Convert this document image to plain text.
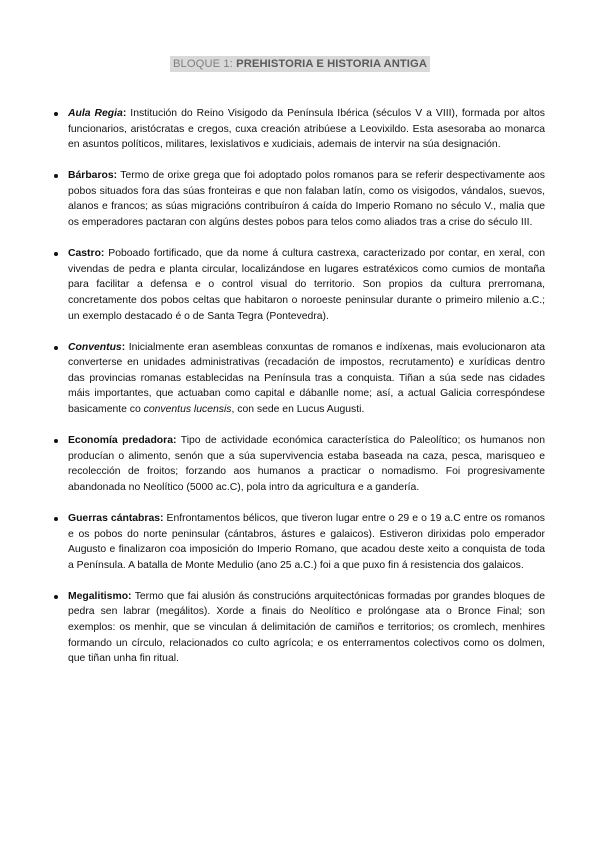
BLOQUE 1: PREHISTORIA E HISTORIA ANTIGA
Aula Regia: Institución do Reino Visigodo da Península Ibérica (séculos V a VIII), formada por altos funcionarios, aristócratas e cregos, cuxa creación atribúese a Leovixildo. Esta asesoraba ao monarca en asuntos políticos, militares, lexislativos e xudiciais, ademais de intervir na súa designación.
Bárbaros: Termo de orixe grega que foi adoptado polos romanos para se referir despectivamente aos pobos situados fora das súas fronteiras e que non falaban latín, como os visigodos, vándalos, suevos, alanos e francos; as súas migracións contribuíron á caída do Imperio Romano no século V., malia que os emperadores pactaran con algúns destes pobos para telos como aliados tras a crise do século III.
Castro: Poboado fortificado, que da nome á cultura castrexa, caracterizado por contar, en xeral, con vivendas de pedra e planta circular, localizándose en lugares estratéxicos como cumios de montaña para facilitar a defensa e o control visual do territorio. Son propios da cultura prerromana, concretamente dos pobos celtas que habitaron o noroeste peninsular durante o primeiro milenio a.C.; un exemplo destacado é o de Santa Tegra (Pontevedra).
Conventus: Inicialmente eran asembleas conxuntas de romanos e indíxenas, mais evolucionaron ata converterse en unidades administrativas (recadación de impostos, recrutamento) e xurídicas dentro das provincias romanas establecidas na Península tras a conquista. Tiñan a súa sede nas cidades máis importantes, que actuaban como capital e dábanlle nome; así, a actual Galicia correspóndese basicamente co conventus lucensis, con sede en Lucus Augusti.
Economía predadora: Tipo de actividade económica característica do Paleolítico; os humanos non producían o alimento, senón que a súa supervivencia estaba baseada na caza, pesca, marisqueo e recolección de froitos; forzando aos humanos a practicar o nomadismo. Foi progresivamente abandonada no Neolítico (5000 ac.C), pola intro da agricultura e a gandería.
Guerras cántabras: Enfrontamentos bélicos, que tiveron lugar entre o 29 e o 19 a.C entre os romanos e os pobos do norte peninsular (cántabros, ástures e galaicos). Estiveron dirixidas polo emperador Augusto e finalizaron coa imposición do Imperio Romano, que acadou deste xeito a conquista de toda a Península. A batalla de Monte Medulio (ano 25 a.C.) foi a que puxo fin á resistencia dos galaicos.
Megalitismo: Termo que fai alusión ás construcións arquitectónicas formadas por grandes bloques de pedra sen labrar (megálitos). Xorde a finais do Neolítico e prolóngase ata o Bronce Final; son exemplos: os menhir, que se vinculan á delimitación de camiños e territorios; os cromlech, menhires formando un círculo, relacionados co culto agrícola; e os enterramentos colectivos como os dolmen, que tiñan unha fin ritual.
